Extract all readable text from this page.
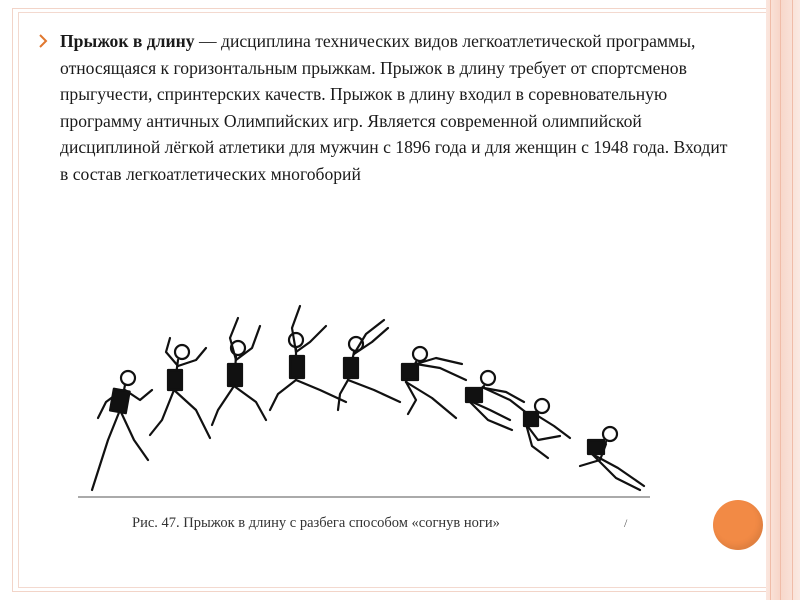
Прыжок в длину — дисциплина технических видов легкоатлетической программы, относящаяся к горизонтальным прыжкам. Прыжок в длину требует от спортсменов прыгучести, спринтерских качеств. Прыжок в длину входил в соревновательную программу античных Олимпийских игр. Является современной олимпийской дисциплиной лёгкой атлетики для мужчин с 1896 года и для женщин с 1948 года. Входит в состав легкоатлетических многоборий
Рис. 47. Прыжок в длину с разбега способом «согнув ноги»	/
